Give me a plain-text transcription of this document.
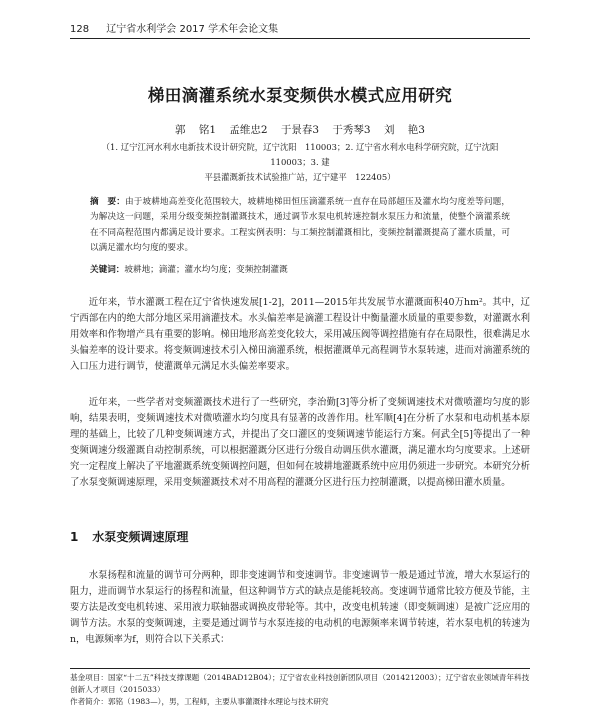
128 辽宁省水利学会 2017 学术年会论文集
梯田滴灌系统水泵变频供水模式应用研究
郭 铭1 孟维忠2 于景春3 于秀琴3 刘 艳3
（1. 辽宁江河水利水电新技术设计研究院，辽宁沈阳　110003；2. 辽宁省水利水电科学研究院，辽宁沈阳　110003；3. 建
平县灌溉新技术试验推广站，辽宁建平　122405）
摘　要：由于坡耕地高差变化范围较大，坡耕地梯田恒压滴灌系统一直存在局部超压及灌水均匀度差等问题，为解决这一问题，采用分级变频控制灌溉技术，通过调节水泵电机转速控制水泵压力和流量，使整个滴灌系统在不同高程范围内都满足设计要求。工程实例表明：与工频控制灌溉相比，变频控制灌溉提高了灌水质量，可以满足灌水均匀度的要求。
关键词：坡耕地；滴灌；灌水均匀度；变频控制灌溉
近年来，节水灌溉工程在辽宁省快速发展[1-2]，2011—2015年共发展节水灌溉面积40万hm²。其中，辽宁西部在内的绝大部分地区采用滴灌技术。水头偏差率是滴灌工程设计中衡量灌水质量的重要参数，对灌溉水利用效率和作物增产具有重要的影响。梯田地形高差变化较大，采用减压阀等调控措施有存在局限性，很难满足水头偏差率的设计要求。将变频调速技术引入梯田滴灌系统，根据灌溉单元高程调节水泵转速，进而对滴灌系统的入口压力进行调节，使灌溉单元满足水头偏差率要求。
近年来，一些学者对变频灌溉技术进行了一些研究，李治勤[3]等分析了变频调速技术对微喷灌均匀度的影响，结果表明，变频调速技术对微喷灌水均匀度具有显著的改善作用。杜军顺[4]在分析了水泵和电动机基本原理的基础上，比较了几种变频调速方式，并提出了交口灌区的变频调速节能运行方案。何武全[5]等提出了一种变频调速分级灌溉自动控制系统，可以根据灌溉分区进行分级自动调压供水灌溉，满足灌水均匀度要求。上述研究一定程度上解决了平地灌溉系统变频调控问题，但如何在坡耕地灌溉系统中应用仍须进一步研究。本研究分析了水泵变频调速原理，采用变频灌溉技术对不用高程的灌溉分区进行压力控制灌溉，以提高梯田灌水质量。
1 水泵变频调速原理
水泵扬程和流量的调节可分两种，即非变速调节和变速调节。非变速调节一般是通过节流，增大水泵运行的阻力，进而调节水泵运行的扬程和流量，但这种调节方式的缺点是能耗较高。变速调节通常比较方便及节能，主要方法是改变电机转速、采用液力联轴器或调换皮带轮等。其中，改变电机转速（即变频调速）是被广泛应用的调节方法。水泵的变频调速，主要是通过调节与水泵连接的电动机的电源频率来调节转速，若水泵电机的转速为n，电源频率为f，则符合以下关系式：
基金项目：国家“十二五”科技支撑课题（2014BAD12B04）；辽宁省农业科技创新团队项目（2014212003）；辽宁省农业领域青年科技创新人才项目（2015033）
作者简介：郭铭（1983—），男，工程师，主要从事灌溉排水理论与技术研究
